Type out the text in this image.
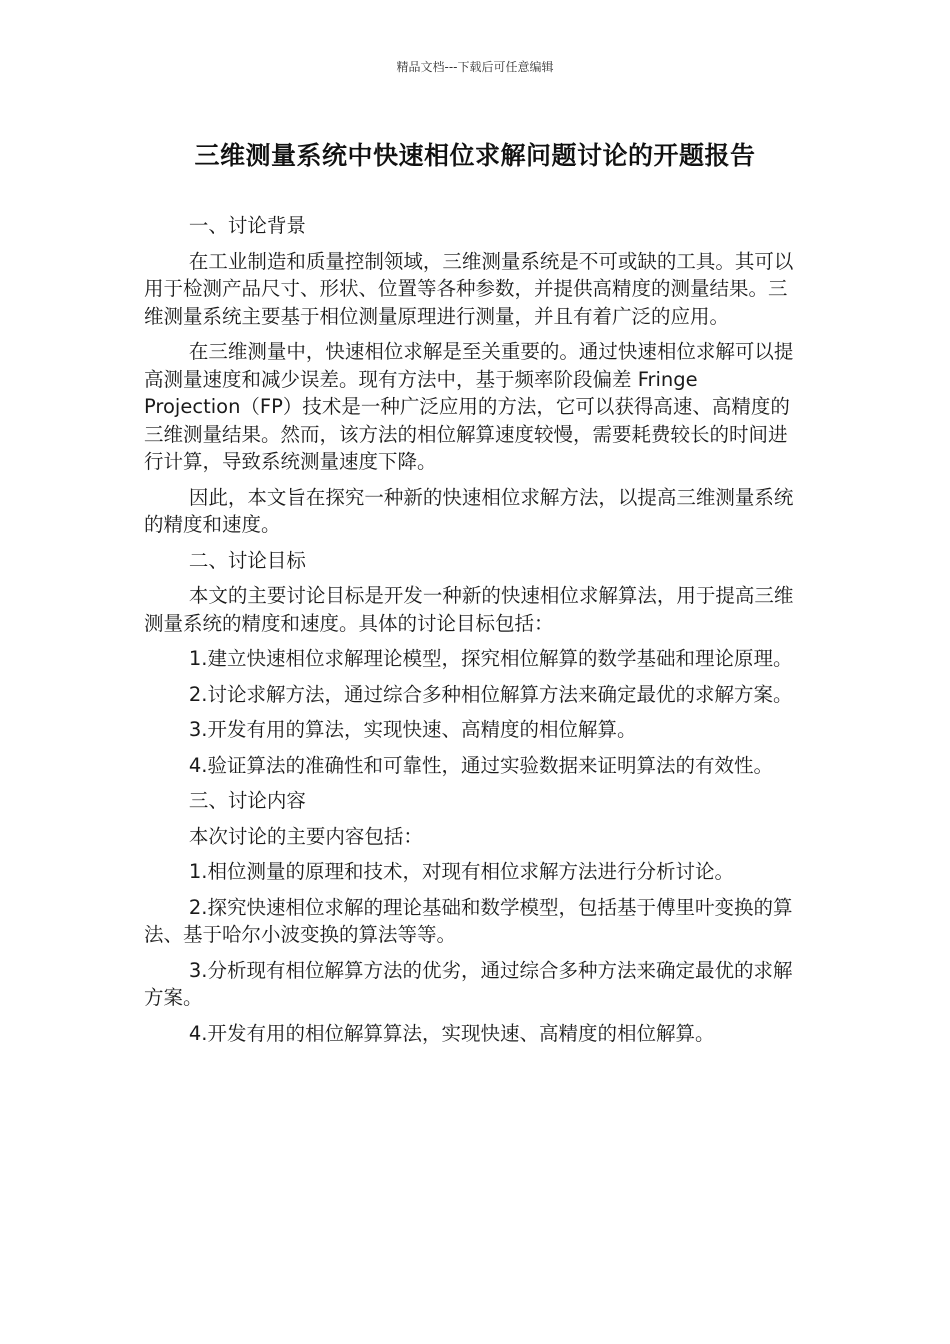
精品文档---下载后可任意编辑
三维测量系统中快速相位求解问题讨论的开题报告

一、讨论背景

在工业制造和质量控制领域，三维测量系统是不可或缺的工具。其可以用于检测产品尺寸、形状、位置等各种参数，并提供高精度的测量结果。三维测量系统主要基于相位测量原理进行测量，并且有着广泛的应用。

在三维测量中，快速相位求解是至关重要的。通过快速相位求解可以提高测量速度和减少误差。现有方法中，基于频率阶段偏差 Fringe Projection（FP）技术是一种广泛应用的方法，它可以获得高速、高精度的三维测量结果。然而，该方法的相位解算速度较慢，需要耗费较长的时间进行计算，导致系统测量速度下降。

因此，本文旨在探究一种新的快速相位求解方法，以提高三维测量系统的精度和速度。

二、讨论目标

本文的主要讨论目标是开发一种新的快速相位求解算法，用于提高三维测量系统的精度和速度。具体的讨论目标包括：

1.建立快速相位求解理论模型，探究相位解算的数学基础和理论原理。

2.讨论求解方法，通过综合多种相位解算方法来确定最优的求解方案。

3.开发有用的算法，实现快速、高精度的相位解算。

4.验证算法的准确性和可靠性，通过实验数据来证明算法的有效性。

三、讨论内容

本次讨论的主要内容包括：

1.相位测量的原理和技术，对现有相位求解方法进行分析讨论。

2.探究快速相位求解的理论基础和数学模型，包括基于傅里叶变换的算法、基于哈尔小波变换的算法等等。

3.分析现有相位解算方法的优劣，通过综合多种方法来确定最优的求解方案。

4.开发有用的相位解算算法，实现快速、高精度的相位解算。
